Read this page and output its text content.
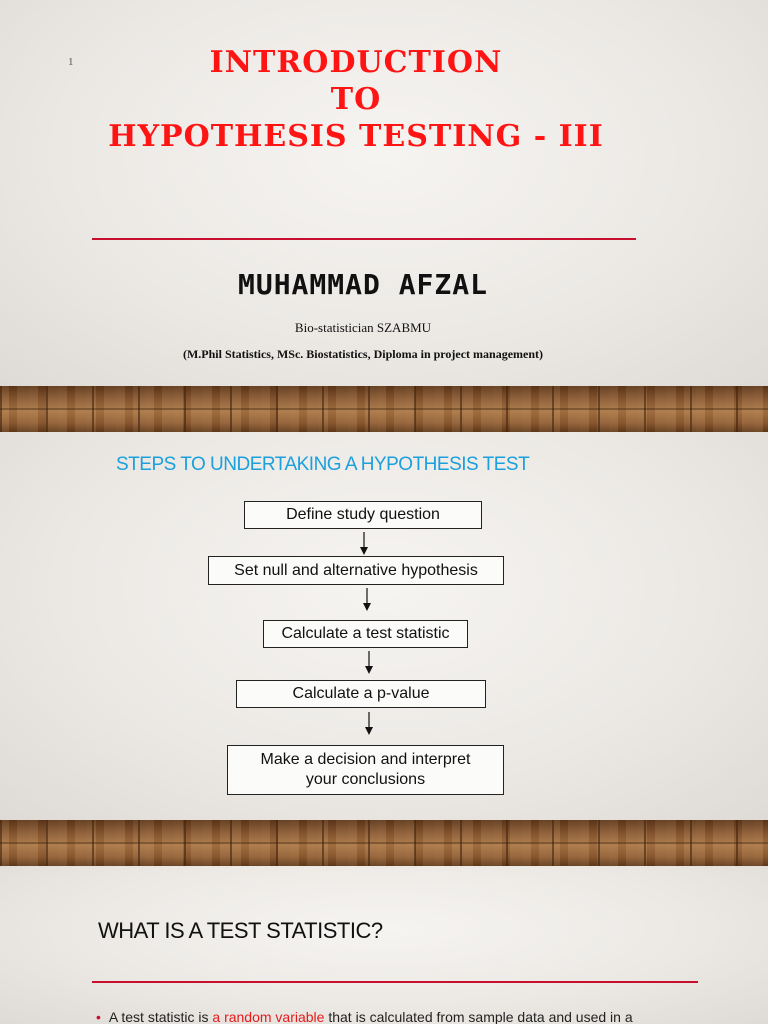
1	INTRODUCTION
TO
HYPOTHESIS TESTING - III
MUHAMMAD AFZAL
Bio-statistician SZABMU
(M.Phil Statistics, MSc. Biostatistics, Diploma in project management)
STEPS TO UNDERTAKING A HYPOTHESIS TEST
Define study question
Set null and alternative hypothesis
Calculate a test statistic
Calculate a p-value
Make a decision and interpret
your conclusions
WHAT IS A TEST STATISTIC?
• A test statistic is a random variable that is calculated from sample data and used in a
